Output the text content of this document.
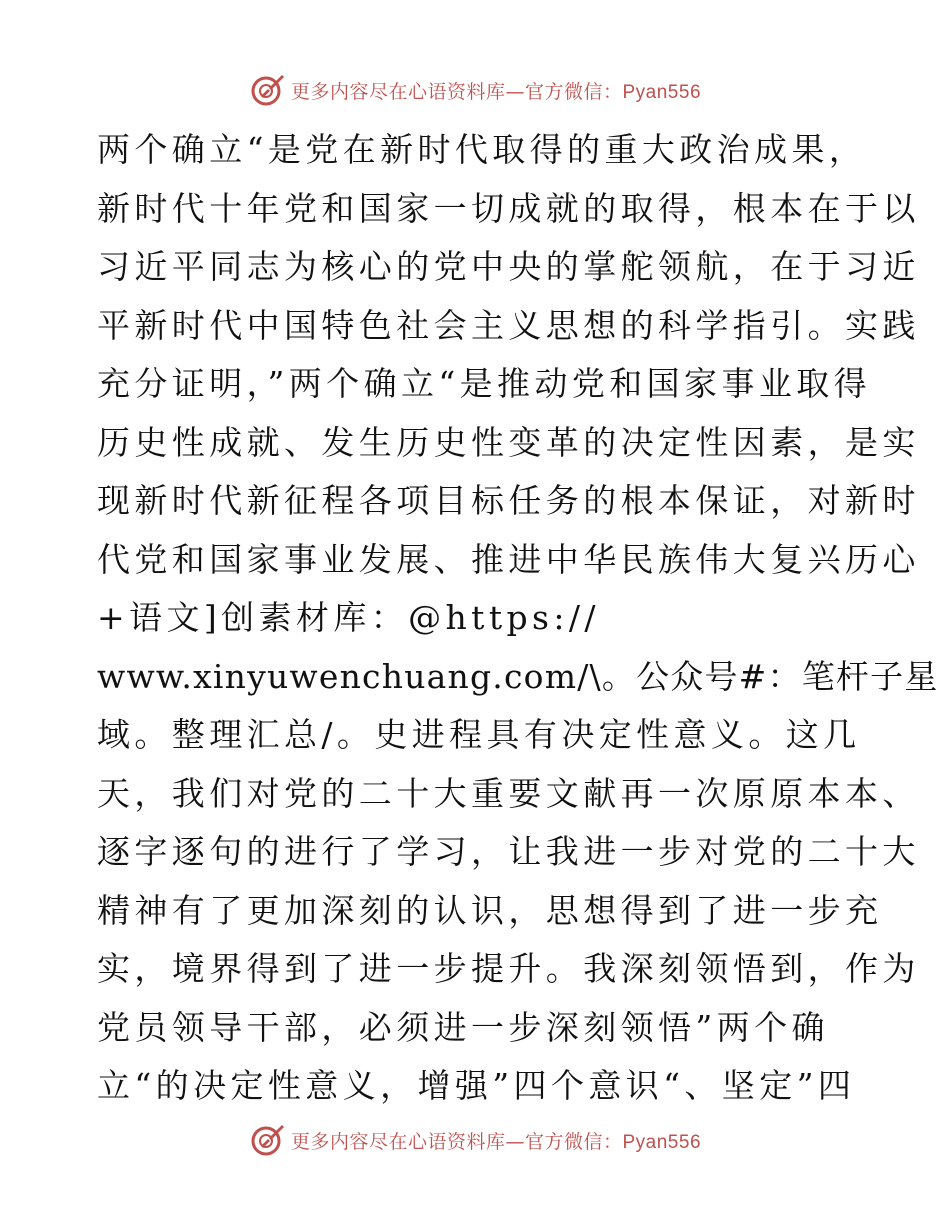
更多内容尽在心语资料库—官方微信：Pyan556
两个确立“是党在新时代取得的重大政治成果，
新时代十年党和国家一切成就的取得，根本在于以
习近平同志为核心的党中央的掌舵领航，在于习近
平新时代中国特色社会主义思想的科学指引。实践
充分证明，”两个确立“是推动党和国家事业取得
历史性成就、发生历史性变革的决定性因素，是实
现新时代新征程各项目标任务的根本保证，对新时
代党和国家事业发展、推进中华民族伟大复兴历心
+语文]创素材库：@https://
www.xinyuwenchuang.com/\。公众号#：笔杆子星
域。整理汇总/。史进程具有决定性意义。这几
天，我们对党的二十大重要文献再一次原原本本、
逐字逐句的进行了学习，让我进一步对党的二十大
精神有了更加深刻的认识，思想得到了进一步充
实，境界得到了进一步提升。我深刻领悟到，作为
党员领导干部，必须进一步深刻领悟”两个确
立“的决定性意义，增强”四个意识“、坚定”四
更多内容尽在心语资料库—官方微信：Pyan556
